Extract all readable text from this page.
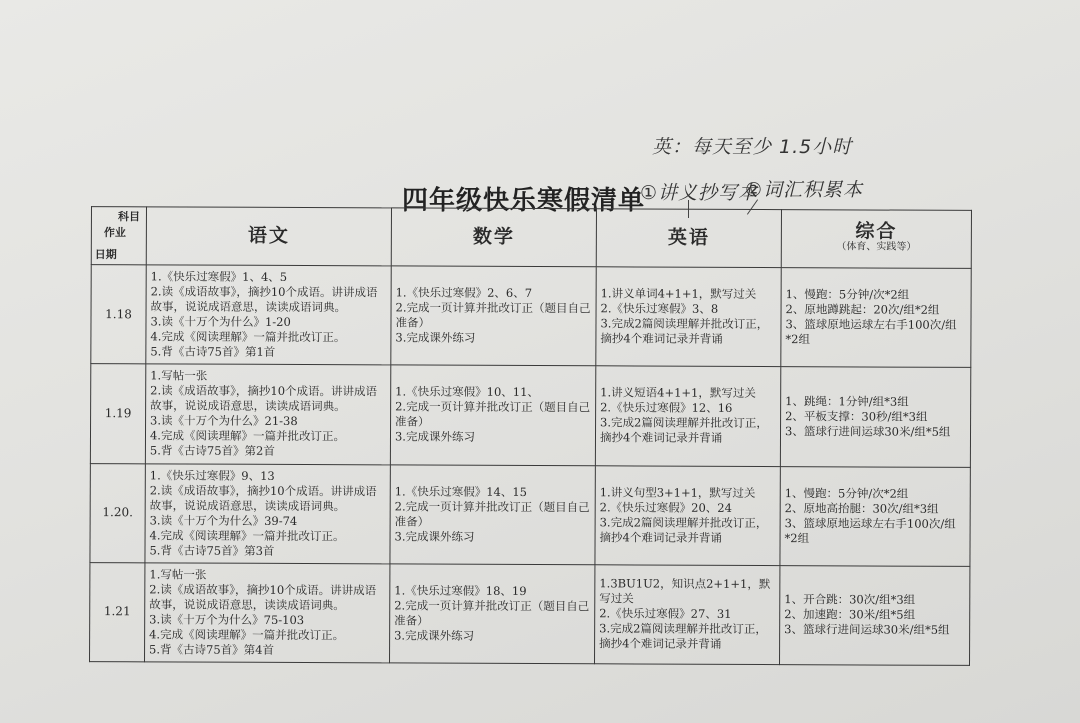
英：每天至少 1.5小时
四年级快乐寒假清单
①讲义抄写本
②词汇积累本
科目
作业
日期	语文	数学	英语	综合
（体育、实践等）

1.18	1.《快乐过寒假》1、4、5
2.读《成语故事》，摘抄10个成语。讲讲成语故事，说说成语意思，读读成语词典。
3.读《十万个为什么》1-20
4.完成《阅读理解》一篇并批改订正。
5.背《古诗75首》第1首	1.《快乐过寒假》2、6、7
2.完成一页计算并批改订正（题目自己准备）
3.完成课外练习	1.讲义单词4+1+1，默写过关
2.《快乐过寒假》3、8
3.完成2篇阅读理解并批改订正，摘抄4个难词记录并背诵	1、慢跑：5分钟/次*2组
2、原地蹲跳起：20次/组*2组
3、篮球原地运球左右手100次/组*2组

1.19	1.写帖一张
2.读《成语故事》，摘抄10个成语。讲讲成语故事，说说成语意思，读读成语词典。
3.读《十万个为什么》21-38
4.完成《阅读理解》一篇并批改订正。
5.背《古诗75首》第2首	1.《快乐过寒假》10、11、
2.完成一页计算并批改订正（题目自己准备）
3.完成课外练习	1.讲义短语4+1+1，默写过关
2.《快乐过寒假》12、16
3.完成2篇阅读理解并批改订正，摘抄4个难词记录并背诵	1、跳绳：1分钟/组*3组
2、平板支撑：30秒/组*3组
3、篮球行进间运球30米/组*5组

1.20.	1.《快乐过寒假》9、13
2.读《成语故事》，摘抄10个成语。讲讲成语故事，说说成语意思，读读成语词典。
3.读《十万个为什么》39-74
4.完成《阅读理解》一篇并批改订正。
5.背《古诗75首》第3首	1.《快乐过寒假》14、15
2.完成一页计算并批改订正（题目自己准备）
3.完成课外练习	1.讲义句型3+1+1，默写过关
2.《快乐过寒假》20、24
3.完成2篇阅读理解并批改订正，摘抄4个难词记录并背诵	1、慢跑：5分钟/次*2组
2、原地高抬腿：30次/组*3组
3、篮球原地运球左右手100次/组*2组

1.21	1.写帖一张
2.读《成语故事》，摘抄10个成语。讲讲成语故事，说说成语意思，读读成语词典。
3.读《十万个为什么》75-103
4.完成《阅读理解》一篇并批改订正。
5.背《古诗75首》第4首	1.《快乐过寒假》18、19
2.完成一页计算并批改订正（题目自己准备）
3.完成课外练习	1.3BU1U2，知识点2+1+1，默写过关
2.《快乐过寒假》27、31
3.完成2篇阅读理解并批改订正，摘抄4个难词记录并背诵	1、开合跳：30次/组*3组
2、加速跑：30米/组*5组
3、篮球行进间运球30米/组*5组
